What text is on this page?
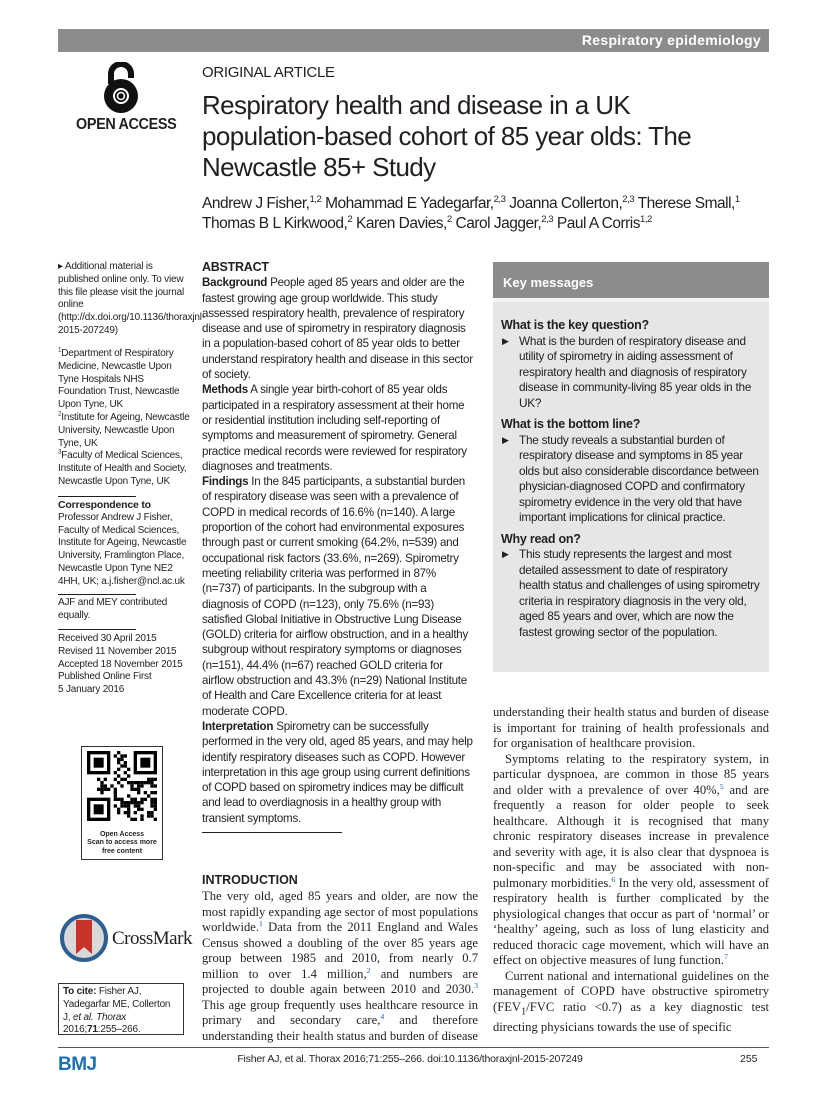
Respiratory epidemiology
OPEN ACCESS
ORIGINAL ARTICLE
Respiratory health and disease in a UK population-based cohort of 85 year olds: The Newcastle 85+ Study
Andrew J Fisher,$^{1,2}$ Mohammad E Yadegarfar,$^{2,3}$ Joanna Collerton,$^{2,3}$ Therese Small,$^1$ Thomas B L Kirkwood,$^2$ Karen Davies,$^2$ Carol Jagger,$^{2,3}$ Paul A Corris$^{1,2}$
▸ Additional material is published online only. To view this file please visit the journal online (http://dx.doi.org/10.1136/thoraxjnl-2015-207249)
$^1$Department of Respiratory Medicine, Newcastle Upon Tyne Hospitals NHS Foundation Trust, Newcastle Upon Tyne, UK
$^2$Institute for Ageing, Newcastle University, Newcastle Upon Tyne, UK
$^3$Faculty of Medical Sciences, Institute of Health and Society, Newcastle Upon Tyne, UK
Correspondence to
Professor Andrew J Fisher, Faculty of Medical Sciences, Institute for Ageing, Newcastle University, Framlington Place, Newcastle Upon Tyne NE2 4HH, UK; a.j.fisher@ncl.ac.uk
AJF and MEY contributed equally.
Received 30 April 2015
Revised 11 November 2015
Accepted 18 November 2015
Published Online First
5 January 2016
Open Access
Scan to access more
free content
CrossMark
To cite: Fisher AJ, Yadegarfar ME, Collerton J, et al. Thorax 2016;71:255–266.
ABSTRACT

Background People aged 85 years and older are the fastest growing age group worldwide. This study assessed respiratory health, prevalence of respiratory disease and use of spirometry in respiratory diagnosis in a population-based cohort of 85 year olds to better understand respiratory health and disease in this sector of society.

Methods A single year birth-cohort of 85 year olds participated in a respiratory assessment at their home or residential institution including self-reporting of symptoms and measurement of spirometry. General practice medical records were reviewed for respiratory diagnoses and treatments.

Findings In the 845 participants, a substantial burden of respiratory disease was seen with a prevalence of COPD in medical records of 16.6% (n=140). A large proportion of the cohort had environmental exposures through past or current smoking (64.2%, n=539) and occupational risk factors (33.6%, n=269). Spirometry meeting reliability criteria was performed in 87% (n=737) of participants. In the subgroup with a diagnosis of COPD (n=123), only 75.6% (n=93) satisfied Global Initiative in Obstructive Lung Disease (GOLD) criteria for airflow obstruction, and in a healthy subgroup without respiratory symptoms or diagnoses (n=151), 44.4% (n=67) reached GOLD criteria for airflow obstruction and 43.3% (n=29) National Institute of Health and Care Excellence criteria for at least moderate COPD.

Interpretation Spirometry can be successfully performed in the very old, aged 85 years, and may help identify respiratory diseases such as COPD. However interpretation in this age group using current definitions of COPD based on spirometry indices may be difficult and lead to overdiagnosis in a healthy group with transient symptoms.

Key messages
What is the key question?
▶ What is the burden of respiratory disease and utility of spirometry in aiding assessment of respiratory health and diagnosis of respiratory disease in community-living 85 year olds in the UK?
What is the bottom line?
▶ The study reveals a substantial burden of respiratory disease and symptoms in 85 year olds but also considerable discordance between physician-diagnosed COPD and confirmatory spirometry evidence in the very old that have important implications for clinical practice.
Why read on?
▶ This study represents the largest and most detailed assessment to date of respiratory health status and challenges of using spirometry criteria in respiratory diagnosis in the very old, aged 85 years and over, which are now the fastest growing sector of the population.
INTRODUCTION

The very old, aged 85 years and older, are now the most rapidly expanding age sector of most populations worldwide.$^1$ Data from the 2011 England and Wales Census showed a doubling of the over 85 years age group between 1985 and 2010, from nearly 0.7 million to over 1.4 million,$^2$ and numbers are projected to double again between 2010 and 2030.$^3$ This age group frequently uses healthcare resource in primary and secondary care,$^4$ and therefore understanding their health status and burden of disease

understanding their health status and burden of disease is important for training of health professionals and for organisation of healthcare provision.

Symptoms relating to the respiratory system, in particular dyspnoea, are common in those 85 years and older with a prevalence of over 40%,$^5$ and are frequently a reason for older people to seek healthcare. Although it is recognised that many chronic respiratory diseases increase in prevalence and severity with age, it is also clear that dyspnoea is non-specific and may be associated with non-pulmonary morbidities.$^6$ In the very old, assessment of respiratory health is further complicated by the physiological changes that occur as part of ‘normal’ or ‘healthy’ ageing, such as loss of lung elasticity and reduced thoracic cage movement, which will have an effect on objective measures of lung function.$^7$

Current national and international guidelines on the management of COPD have obstructive spirometry ($FEV_1$/FVC ratio <0.7) as a key diagnostic test directing physicians towards the use of specific

BMJ	Fisher AJ, et al. Thorax 2016;71:255–266. doi:10.1136/thoraxjnl-2015-207249	255
